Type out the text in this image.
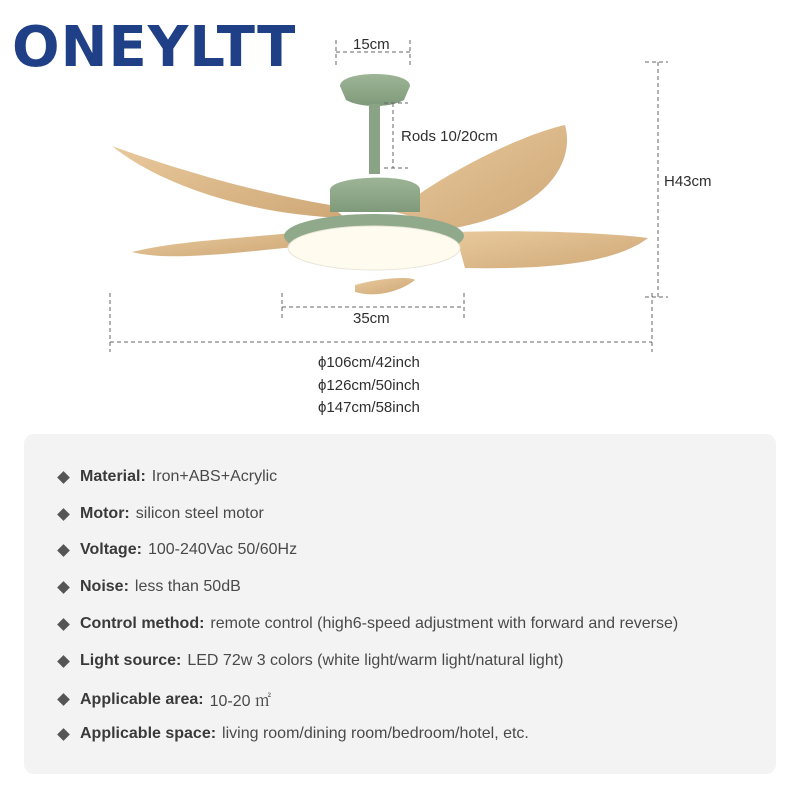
ONEYLTT	15cm
Rods 10/20cm
H43cm
35cm
ϕ106cm/42inch
ϕ126cm/50inch
ϕ147cm/58inch
Material: Iron+ABS+Acrylic
Motor: silicon steel motor
Voltage: 100-240Vac 50/60Hz
Noise: less than 50dB
Control method: remote control (high6-speed adjustment with forward and reverse)
Light source: LED 72w 3 colors (white light/warm light/natural light)
Applicable area: 10-20 ㎡
Applicable space: living room/dining room/bedroom/hotel, etc.
